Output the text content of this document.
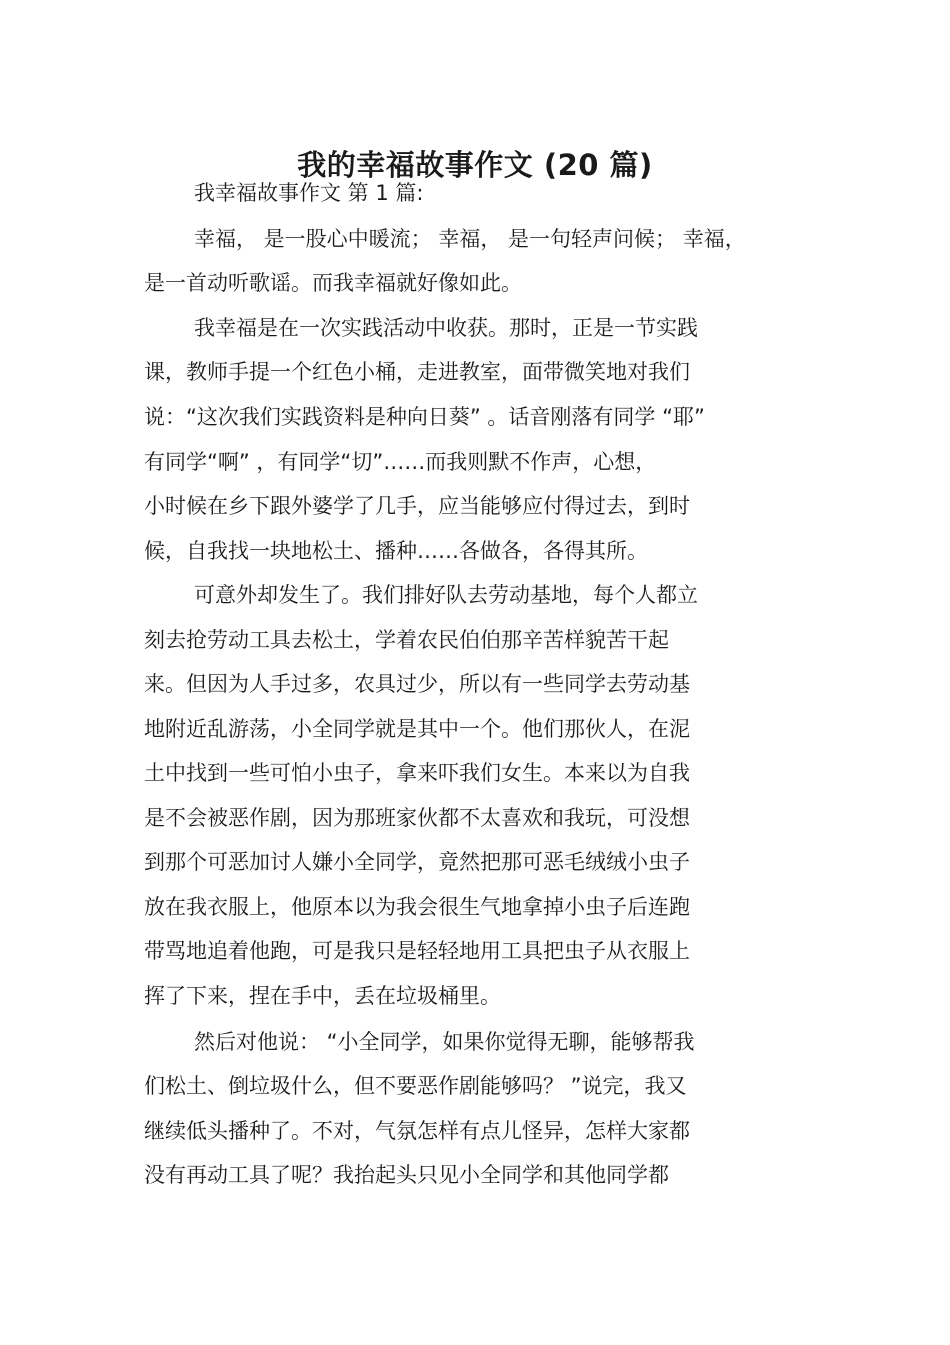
我的幸福故事作文 (20 篇)

我幸福故事作文 第 1 篇:

幸福， 是一股心中暖流； 幸福， 是一句轻声问候； 幸福，

是一首动听歌谣。而我幸福就好像如此。

我幸福是在一次实践活动中收获。那时，正是一节实践

课，教师手提一个红色小桶，走进教室，面带微笑地对我们

说：“这次我们实践资料是种向日葵” 。话音刚落有同学 “耶”

有同学“啊” ，有同学“切”……而我则默不作声，心想，

小时候在乡下跟外婆学了几手，应当能够应付得过去，到时

候，自我找一块地松土、播种……各做各，各得其所。

可意外却发生了。我们排好队去劳动基地，每个人都立

刻去抢劳动工具去松土，学着农民伯伯那辛苦样貌苦干起

来。但因为人手过多，农具过少，所以有一些同学去劳动基

地附近乱游荡，小全同学就是其中一个。他们那伙人，在泥

土中找到一些可怕小虫子，拿来吓我们女生。本来以为自我

是不会被恶作剧，因为那班家伙都不太喜欢和我玩，可没想

到那个可恶加讨人嫌小全同学，竟然把那可恶毛绒绒小虫子

放在我衣服上，他原本以为我会很生气地拿掉小虫子后连跑

带骂地追着他跑，可是我只是轻轻地用工具把虫子从衣服上

挥了下来，捏在手中，丢在垃圾桶里。

然后对他说： “小全同学，如果你觉得无聊，能够帮我

们松土、倒垃圾什么，但不要恶作剧能够吗？ ”说完，我又

继续低头播种了。不对，气氛怎样有点儿怪异，怎样大家都

没有再动工具了呢？我抬起头只见小全同学和其他同学都
